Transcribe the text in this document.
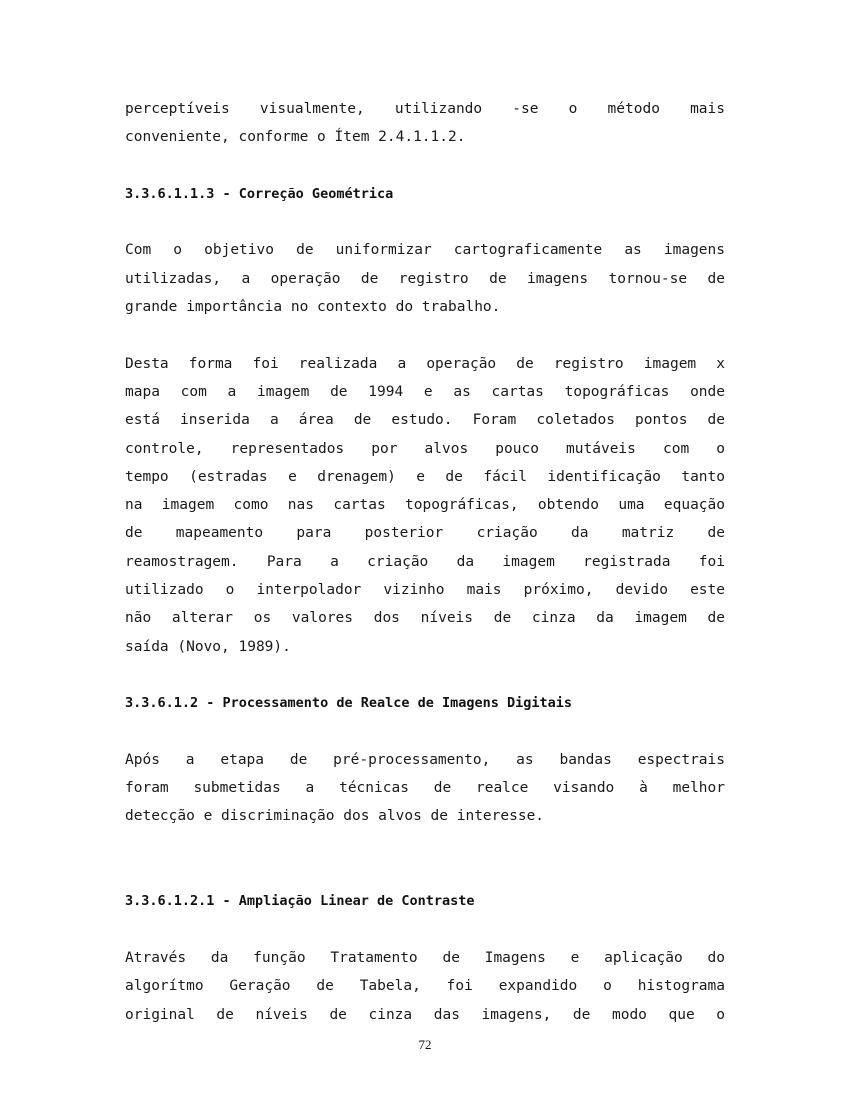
perceptíveis visualmente, utilizando -se o método mais
conveniente, conforme o Ítem 2.4.1.1.2.
3.3.6.1.1.3 - Correção Geométrica
Com o objetivo de uniformizar cartograficamente as imagens
utilizadas, a operação de registro de imagens tornou-se de
grande importância no contexto do trabalho.
Desta forma foi realizada a operação de registro imagem x
mapa com a imagem de 1994 e as cartas topográficas onde
está inserida a área de estudo. Foram coletados pontos de
controle, representados por alvos pouco mutáveis com o
tempo (estradas e drenagem) e de fácil identificação tanto
na imagem como nas cartas topográficas, obtendo uma equação
de mapeamento para posterior criação da matriz de
reamostragem. Para a criação da imagem registrada foi
utilizado o interpolador vizinho mais próximo, devido este
não alterar os valores dos níveis de cinza da imagem de
saída (Novo, 1989).
3.3.6.1.2 - Processamento de Realce de Imagens Digitais
Após a etapa de pré-processamento, as bandas espectrais
foram submetidas a técnicas de realce visando à melhor
detecção e discriminação dos alvos de interesse.
3.3.6.1.2.1 - Ampliação Linear de Contraste
Através da função Tratamento de Imagens e aplicação do
algorítmo Geração de Tabela, foi expandido o histograma
original de níveis de cinza das imagens, de modo que o
72
